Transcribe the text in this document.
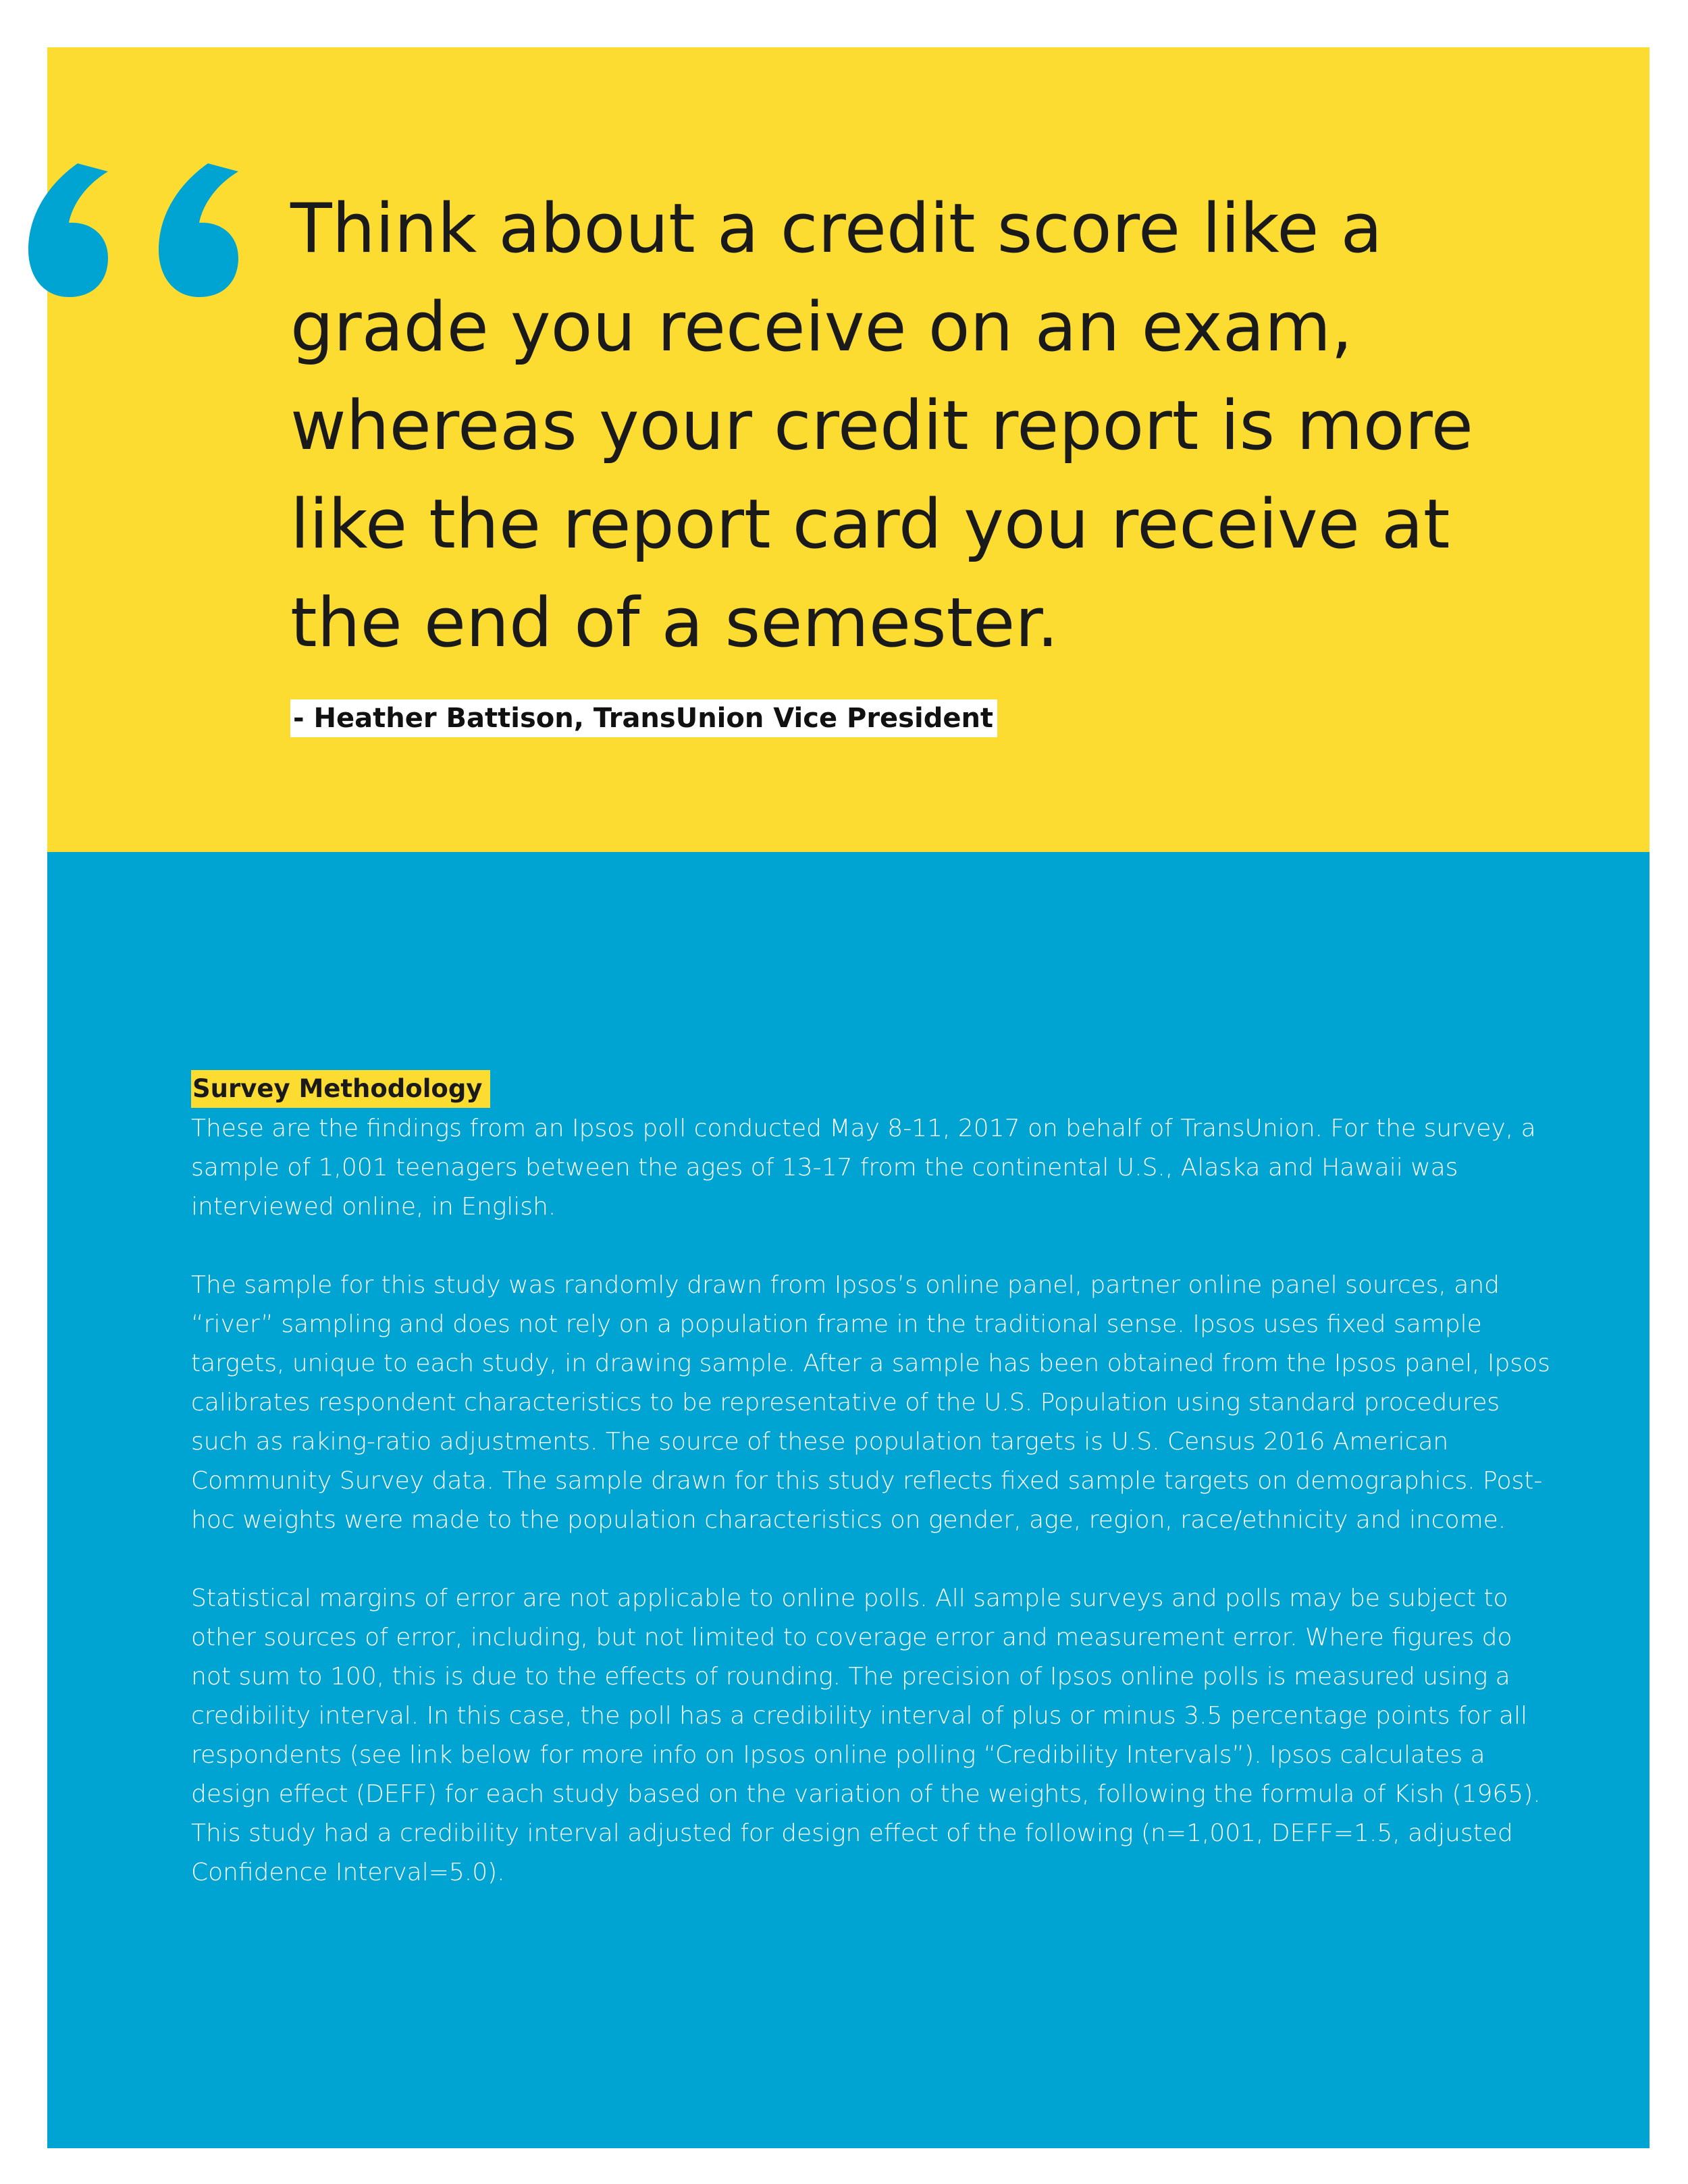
Think about a credit score like a grade you receive on an exam, whereas your credit report is more like the report card you receive at the end of a semester.

- Heather Battison, TransUnion Vice President
Survey Methodology

These are the findings from an Ipsos poll conducted May 8-11, 2017 on behalf of TransUnion. For the survey, a sample of 1,001 teenagers between the ages of 13-17 from the continental U.S., Alaska and Hawaii was interviewed online, in English.

The sample for this study was randomly drawn from Ipsos’s online panel, partner online panel sources, and “river” sampling and does not rely on a population frame in the traditional sense. Ipsos uses fixed sample targets, unique to each study, in drawing sample. After a sample has been obtained from the Ipsos panel, Ipsos calibrates respondent characteristics to be representative of the U.S. Population using standard procedures such as raking-ratio adjustments. The source of these population targets is U.S. Census 2016 American Community Survey data. The sample drawn for this study reflects fixed sample targets on demographics. Post-hoc weights were made to the population characteristics on gender, age, region, race/ethnicity and income.

Statistical margins of error are not applicable to online polls. All sample surveys and polls may be subject to other sources of error, including, but not limited to coverage error and measurement error. Where figures do not sum to 100, this is due to the effects of rounding. The precision of Ipsos online polls is measured using a credibility interval. In this case, the poll has a credibility interval of plus or minus 3.5 percentage points for all respondents (see link below for more info on Ipsos online polling “Credibility Intervals”). Ipsos calculates a design effect (DEFF) for each study based on the variation of the weights, following the formula of Kish (1965). This study had a credibility interval adjusted for design effect of the following (n=1,001, DEFF=1.5, adjusted Confidence Interval=5.0).
